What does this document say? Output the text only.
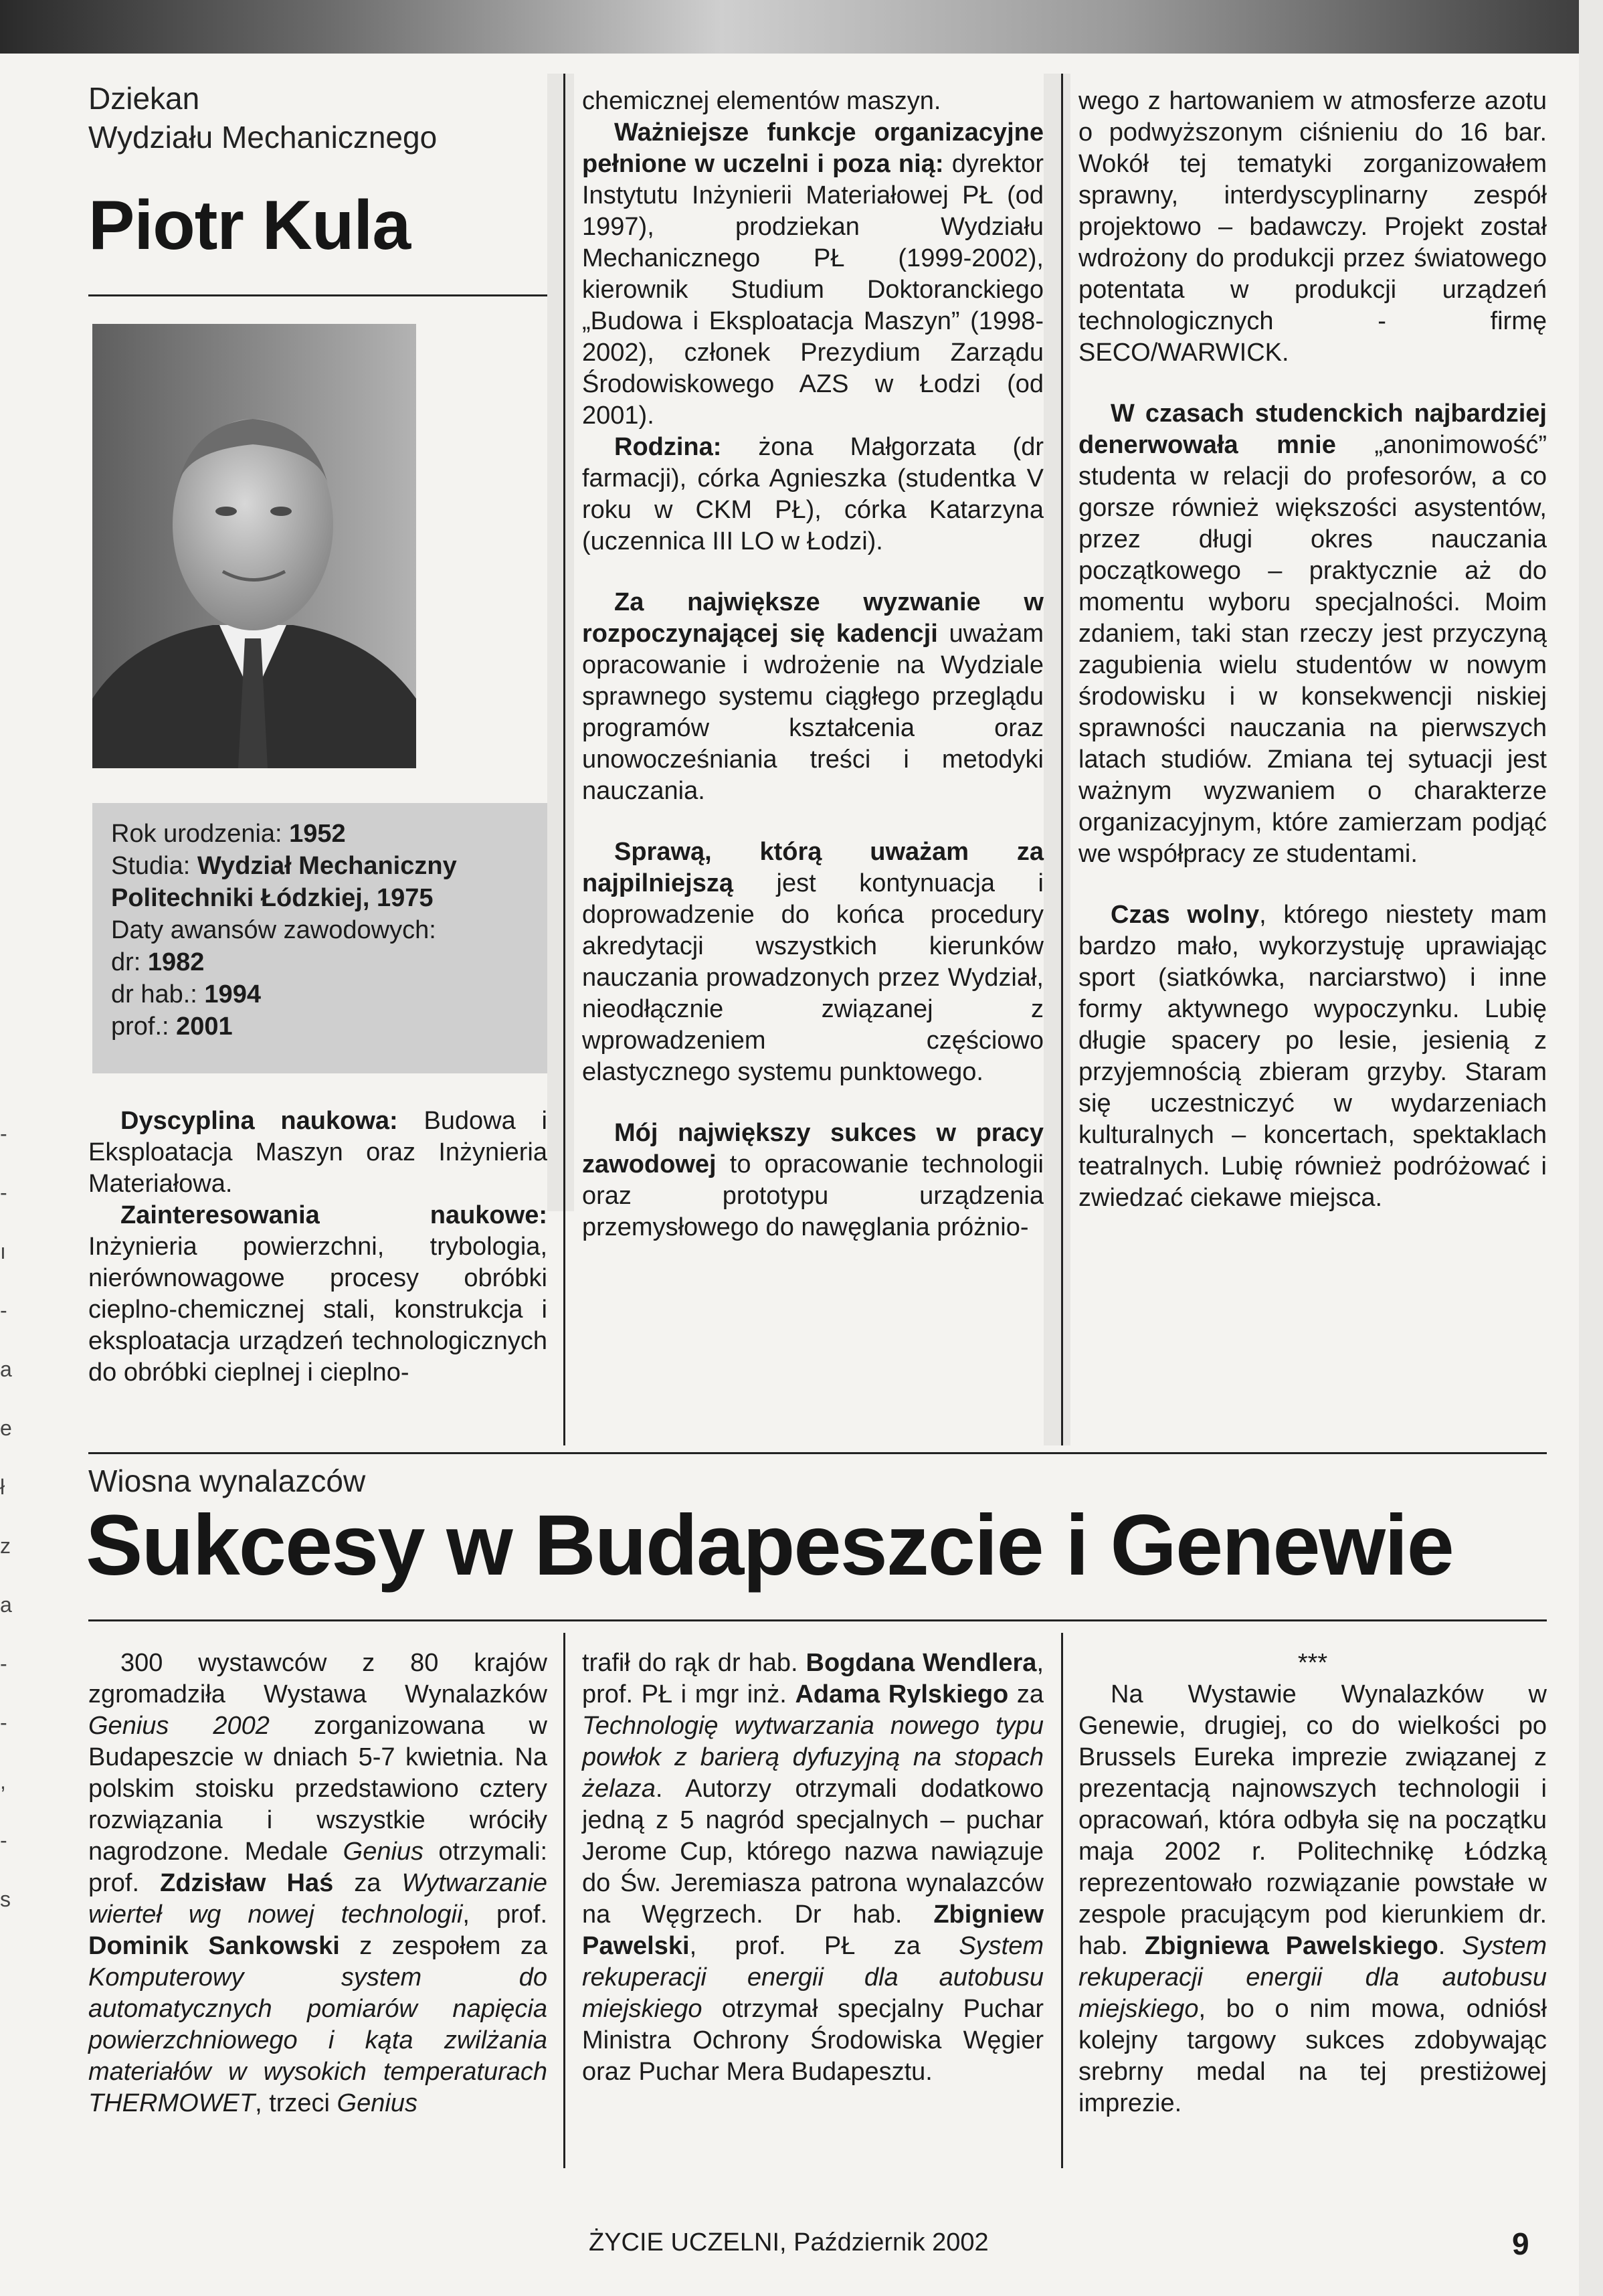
-
-
ı
-
a
e
ł
z
a
-
-
,
-
s
Dziekan
Wydziału Mechanicznego
Piotr Kula
Rok urodzenia: 1952
Studia: Wydział Mechaniczny
Politechniki Łódzkiej, 1975
Daty awansów zawodowych:
dr: 1982
dr hab.: 1994
prof.: 2001

Dyscyplina naukowa: Budowa i Eksploatacja Maszyn oraz Inżynieria Materiałowa.

Zainteresowania naukowe: Inżynieria powierzchni, trybologia, nierównowagowe procesy obróbki cieplno-chemicznej stali, konstrukcja i eksploatacja urządzeń technologicznych do obróbki cieplnej i cieplno-

chemicznej elementów maszyn.

Ważniejsze funkcje organizacyjne pełnione w uczelni i poza nią: dyrektor Instytutu Inżynierii Materiałowej PŁ (od 1997), prodziekan Wydziału Mechanicznego PŁ (1999-2002), kierownik Studium Doktoranckiego „Budowa i Eksploatacja Maszyn” (1998-2002), członek Prezydium Zarządu Środowiskowego AZS w Łodzi (od 2001).

Rodzina: żona Małgorzata (dr farmacji), córka Agnieszka (studentka V roku w CKM PŁ), córka Katarzyna (uczennica III LO w Łodzi).

Za największe wyzwanie w rozpoczynającej się kadencji uważam opracowanie i wdrożenie na Wydziale sprawnego systemu ciągłego przeglądu programów kształcenia oraz unowocześniania treści i metodyki nauczania.

Sprawą, którą uważam za najpilniejszą jest kontynuacja i doprowadzenie do końca procedury akredytacji wszystkich kierunków nauczania prowadzonych przez Wydział, nieodłącznie związanej z wprowadzeniem częściowo elastycznego systemu punktowego.

Mój największy sukces w pracy zawodowej to opracowanie technologii oraz prototypu urządzenia przemysłowego do nawęglania próżnio-

wego z hartowaniem w atmosferze azotu o podwyższonym ciśnieniu do 16 bar. Wokół tej tematyki zorganizowałem sprawny, interdyscyplinarny zespół projektowo – badawczy. Projekt został wdrożony do produkcji przez światowego potentata w produkcji urządzeń technologicznych - firmę SECO/WARWICK.

W czasach studenckich najbardziej denerwowała mnie „anonimowość” studenta w relacji do profesorów, a co gorsze również większości asystentów, przez długi okres nauczania początkowego – praktycznie aż do momentu wyboru specjalności. Moim zdaniem, taki stan rzeczy jest przyczyną zagubienia wielu studentów w nowym środowisku i w konsekwencji niskiej sprawności nauczania na pierwszych latach studiów. Zmiana tej sytuacji jest ważnym wyzwaniem o charakterze organizacyjnym, które zamierzam podjąć we współpracy ze studentami.

Czas wolny, którego niestety mam bardzo mało, wykorzystuję uprawiając sport (siatkówka, narciarstwo) i inne formy aktywnego wypoczynku. Lubię długie spacery po lesie, jesienią z przyjemnością zbieram grzyby. Staram się uczestniczyć w wydarzeniach kulturalnych – koncertach, spektaklach teatralnych. Lubię również podróżować i zwiedzać ciekawe miejsca.

Wiosna wynalazców
Sukcesy w Budapeszcie i Genewie

300 wystawców z 80 krajów zgromadziła Wystawa Wynalazków Genius 2002 zorganizowana w Budapeszcie w dniach 5-7 kwietnia. Na polskim stoisku przedstawiono cztery rozwiązania i wszystkie wróciły nagrodzone. Medale Genius otrzymali: prof. Zdzisław Haś za Wytwarzanie wierteł wg nowej technologii, prof. Dominik Sankowski z zespołem za Komputerowy system do automatycznych pomiarów napięcia powierzchniowego i kąta zwilżania materiałów w wysokich temperaturach THERMOWET, trzeci Genius

trafił do rąk dr hab. Bogdana Wendlera, prof. PŁ i mgr inż. Adama Rylskiego za Technologię wytwarzania nowego typu powłok z barierą dyfuzyjną na stopach żelaza. Autorzy otrzymali dodatkowo jedną z 5 nagród specjalnych – puchar Jerome Cup, którego nazwa nawiązuje do Św. Jeremiasza patrona wynalazców na Węgrzech. Dr hab. Zbigniew Pawelski, prof. PŁ za System rekuperacji energii dla autobusu miejskiego otrzymał specjalny Puchar Ministra Ochrony Środowiska Węgier oraz Puchar Mera Budapesztu.

***

Na Wystawie Wynalazków w Genewie, drugiej, co do wielkości po Brussels Eureka imprezie związanej z prezentacją najnowszych technologii i opracowań, która odbyła się na początku maja 2002 r. Politechnikę Łódzką reprezentowało rozwiązanie powstałe w zespole pracującym pod kierunkiem dr. hab. Zbigniewa Pawelskiego. System rekuperacji energii dla autobusu miejskiego, bo o nim mowa, odniósł kolejny targowy sukces zdobywając srebrny medal na tej prestiżowej imprezie.

ŻYCIE UCZELNI, Październik 2002	9
